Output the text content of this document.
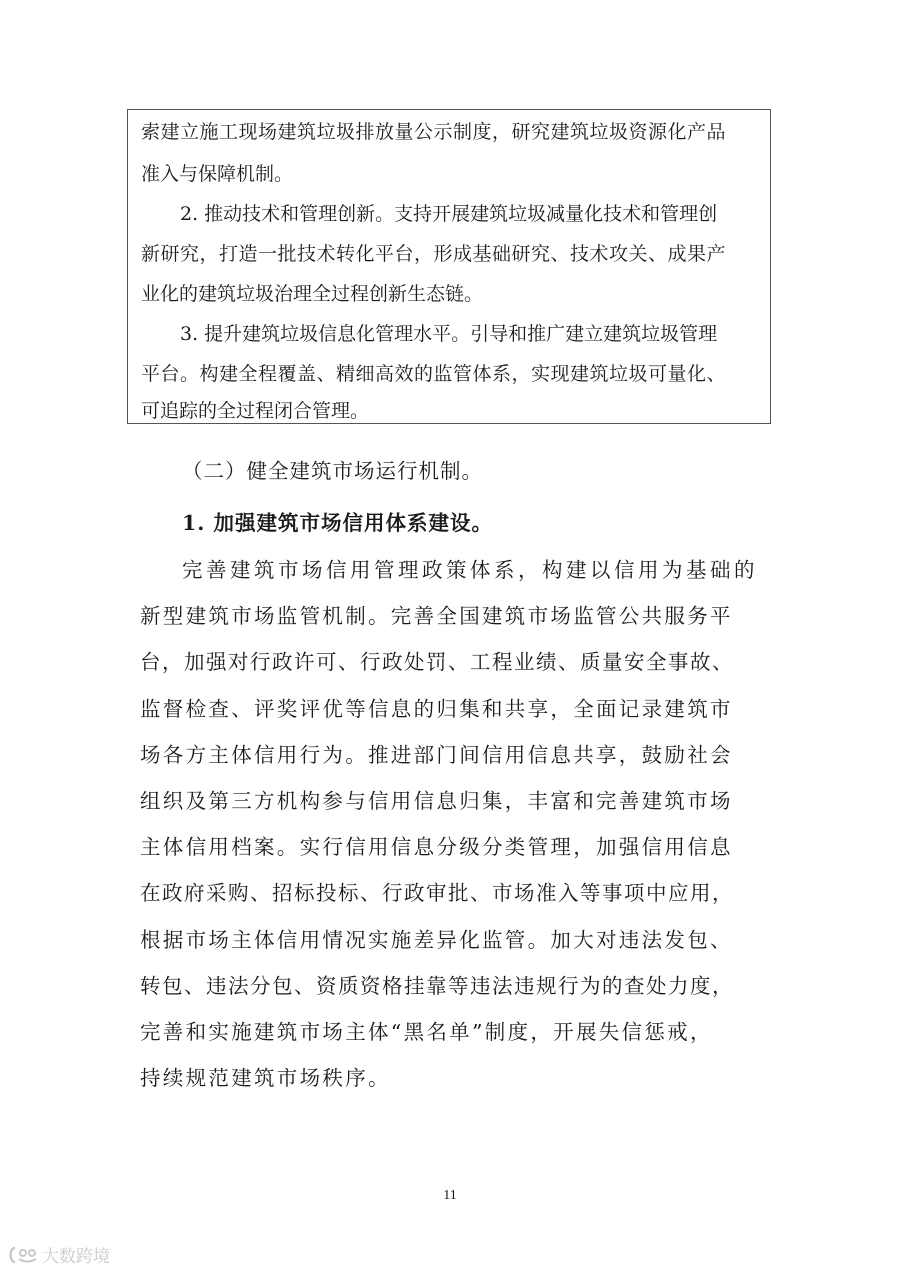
索建立施工现场建筑垃圾排放量公示制度，研究建筑垃圾资源化产品
准入与保障机制。
2. 推动技术和管理创新。支持开展建筑垃圾减量化技术和管理创
新研究，打造一批技术转化平台，形成基础研究、技术攻关、成果产
业化的建筑垃圾治理全过程创新生态链。
3. 提升建筑垃圾信息化管理水平。引导和推广建立建筑垃圾管理
平台。构建全程覆盖、精细高效的监管体系，实现建筑垃圾可量化、
可追踪的全过程闭合管理。
（二）健全建筑市场运行机制。
1. 加强建筑市场信用体系建设。
完善建筑市场信用管理政策体系，构建以信用为基础的
新型建筑市场监管机制。完善全国建筑市场监管公共服务平
台，加强对行政许可、行政处罚、工程业绩、质量安全事故、
监督检查、评奖评优等信息的归集和共享，全面记录建筑市
场各方主体信用行为。推进部门间信用信息共享，鼓励社会
组织及第三方机构参与信用信息归集，丰富和完善建筑市场
主体信用档案。实行信用信息分级分类管理，加强信用信息
在政府采购、招标投标、行政审批、市场准入等事项中应用，
根据市场主体信用情况实施差异化监管。加大对违法发包、
转包、违法分包、资质资格挂靠等违法违规行为的查处力度，
完善和实施建筑市场主体“黑名单”制度，开展失信惩戒，
持续规范建筑市场秩序。
11
大数跨境
